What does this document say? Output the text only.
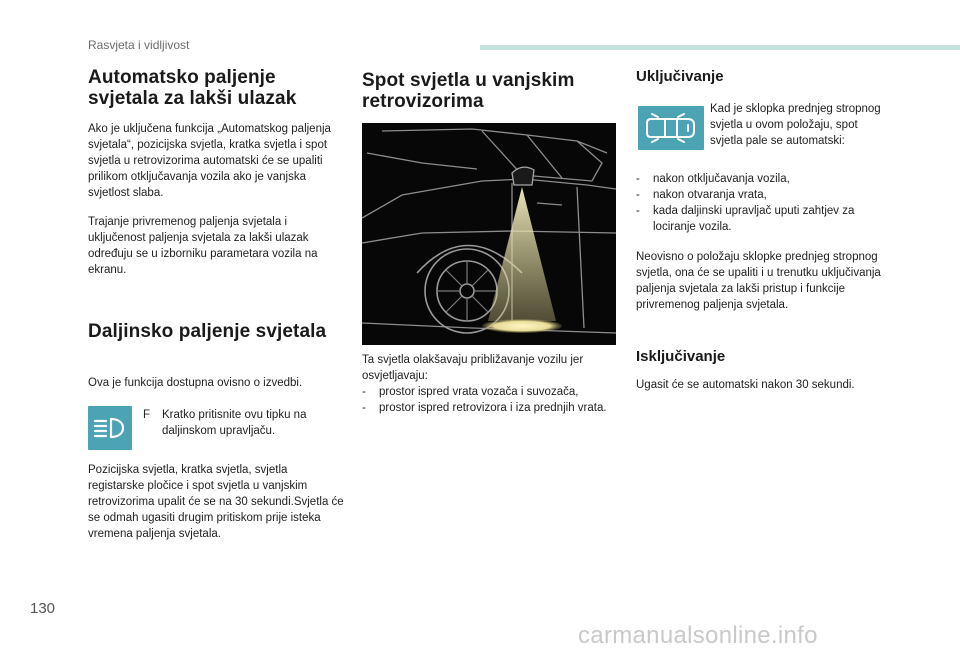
Rasvjeta i vidljivost
Automatsko paljenje svjetala za lakši ulazak

Ako je uključena funkcija „Automatskog paljenja svjetala“, pozicijska svjetla, kratka svjetla i spot svjetla u retrovizorima automatski će se upaliti prilikom otključavanja vozila ako je vanjska svjetlost slaba.

Trajanje privremenog paljenja svjetala i uključenost paljenja svjetala za lakši ulazak određuju se u izborniku parametara vozila na ekranu.

Daljinsko paljenje svjetala

Ova je funkcija dostupna ovisno o izvedbi.

F Kratko pritisnite ovu tipku na daljinskom upravljaču.

Pozicijska svjetla, kratka svjetla, svjetla registarske pločice i spot svjetla u vanjskim retrovizorima upalit će se na 30 sekundi.Svjetla će se odmah ugasiti drugim pritiskom prije isteka vremena paljenja svjetala.

Spot svjetla u vanjskim retrovizorima

Ta svjetla olakšavaju približavanje vozilu jer osvjetljavaju:

- prostor ispred vrata vozača i suvozača,
- prostor ispred retrovizora i iza prednjih vrata.
Uključivanje

Kad je sklopka prednjeg stropnog svjetla u ovom položaju, spot svjetla pale se automatski:

- nakon otključavanja vozila,
- nakon otvaranja vrata,
- kada daljinski upravljač uputi zahtjev za lociranje vozila.

Neovisno o položaju sklopke prednjeg stropnog svjetla, ona će se upaliti i u trenutku uključivanja paljenja svjetala za lakši pristup i funkcije privremenog paljenja svjetala.

Isključivanje

Ugasit će se automatski nakon 30 sekundi.

130
carmanualsonline.info
